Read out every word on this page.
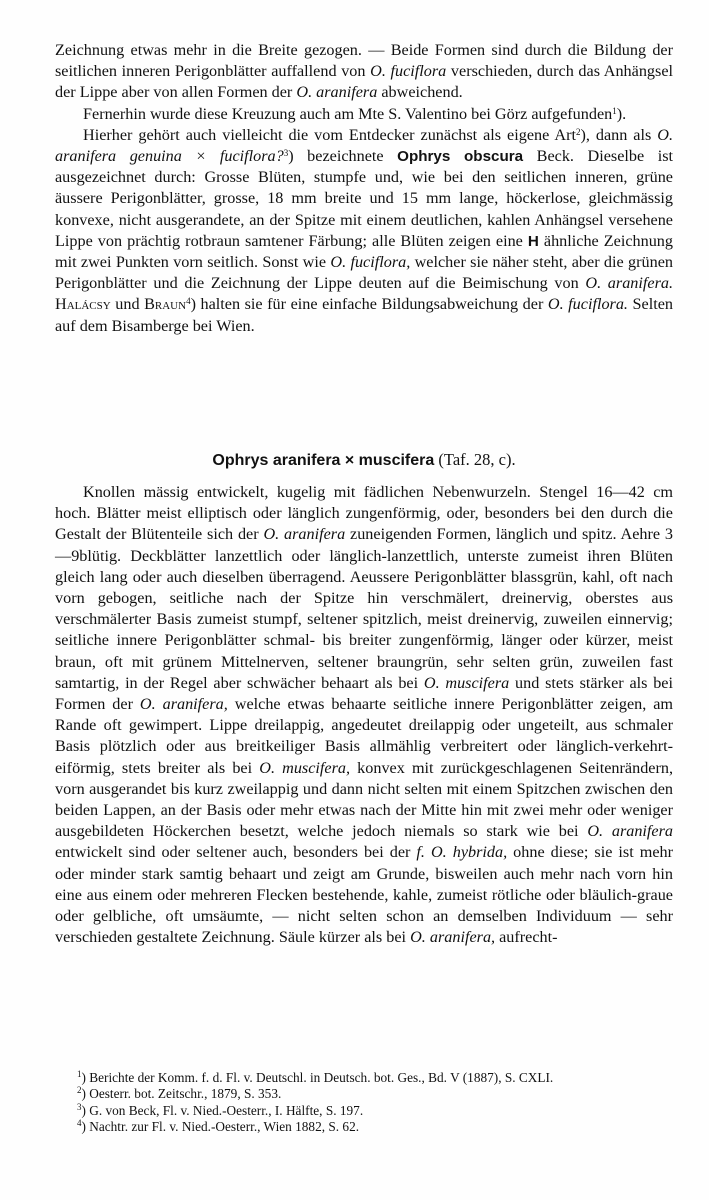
Zeichnung etwas mehr in die Breite gezogen. — Beide Formen sind durch die Bildung der seitlichen inneren Perigonblätter auffallend von O. fuciflora verschieden, durch das Anhängsel der Lippe aber von allen Formen der O. aranifera abweichend.

Fernerhin wurde diese Kreuzung auch am Mte S. Valentino bei Görz aufgefunden$^1$).

Hierher gehört auch vielleicht die vom Entdecker zunächst als eigene Art$^2$), dann als O. aranifera genuina × fuciflora?$^3$) bezeichnete Ophrys obscura Beck. Dieselbe ist ausgezeichnet durch: Grosse Blüten, stumpfe und, wie bei den seitlichen inneren, grüne äussere Perigonblätter, grosse, 18 mm breite und 15 mm lange, höckerlose, gleichmässig konvexe, nicht ausgerandete, an der Spitze mit einem deutlichen, kahlen Anhängsel versehene Lippe von prächtig rotbraun samtener Färbung; alle Blüten zeigen eine H ähnliche Zeichnung mit zwei Punkten vorn seitlich. Sonst wie O. fuciflora, welcher sie näher steht, aber die grünen Perigonblätter und die Zeichnung der Lippe deuten auf die Beimischung von O. aranifera. Halácsy und Braun$^4$) halten sie für eine einfache Bildungsabweichung der O. fuciflora. Selten auf dem Bisamberge bei Wien.

Ophrys aranifera × muscifera (Taf. 28, c).

Knollen mässig entwickelt, kugelig mit fädlichen Nebenwurzeln. Stengel 16—42 cm hoch. Blätter meist elliptisch oder länglich zungenförmig, oder, besonders bei den durch die Gestalt der Blütenteile sich der O. aranifera zuneigenden Formen, länglich und spitz. Aehre 3—9blütig. Deckblätter lanzettlich oder länglich-lanzettlich, unterste zumeist ihren Blüten gleich lang oder auch dieselben überragend. Aeussere Perigonblätter blassgrün, kahl, oft nach vorn gebogen, seitliche nach der Spitze hin verschmälert, dreinervig, oberstes aus verschmälerter Basis zumeist stumpf, seltener spitzlich, meist dreinervig, zuweilen einnervig; seitliche innere Perigonblätter schmal- bis breiter zungenförmig, länger oder kürzer, meist braun, oft mit grünem Mittelnerven, seltener braungrün, sehr selten grün, zuweilen fast samtartig, in der Regel aber schwächer behaart als bei O. muscifera und stets stärker als bei Formen der O. aranifera, welche etwas behaarte seitliche innere Perigonblätter zeigen, am Rande oft gewimpert. Lippe dreilappig, angedeutet dreilappig oder ungeteilt, aus schmaler Basis plötzlich oder aus breitkeiliger Basis allmählig verbreitert oder länglich-verkehrt-eiförmig, stets breiter als bei O. muscifera, konvex mit zurückgeschlagenen Seitenrändern, vorn ausgerandet bis kurz zweilappig und dann nicht selten mit einem Spitzchen zwischen den beiden Lappen, an der Basis oder mehr etwas nach der Mitte hin mit zwei mehr oder weniger ausgebildeten Höckerchen besetzt, welche jedoch niemals so stark wie bei O. aranifera entwickelt sind oder seltener auch, besonders bei der f. O. hybrida, ohne diese; sie ist mehr oder minder stark samtig behaart und zeigt am Grunde, bisweilen auch mehr nach vorn hin eine aus einem oder mehreren Flecken bestehende, kahle, zumeist rötliche oder bläulich-graue oder gelbliche, oft umsäumte, — nicht selten schon an demselben Individuum — sehr verschieden gestaltete Zeichnung. Säule kürzer als bei O. aranifera, aufrecht-

$^1$) Berichte der Komm. f. d. Fl. v. Deutschl. in Deutsch. bot. Ges., Bd. V (1887), S. CXLI.

$^2$) Oesterr. bot. Zeitschr., 1879, S. 353.

$^3$) G. von Beck, Fl. v. Nied.-Oesterr., I. Hälfte, S. 197.

$^4$) Nachtr. zur Fl. v. Nied.-Oesterr., Wien 1882, S. 62.
